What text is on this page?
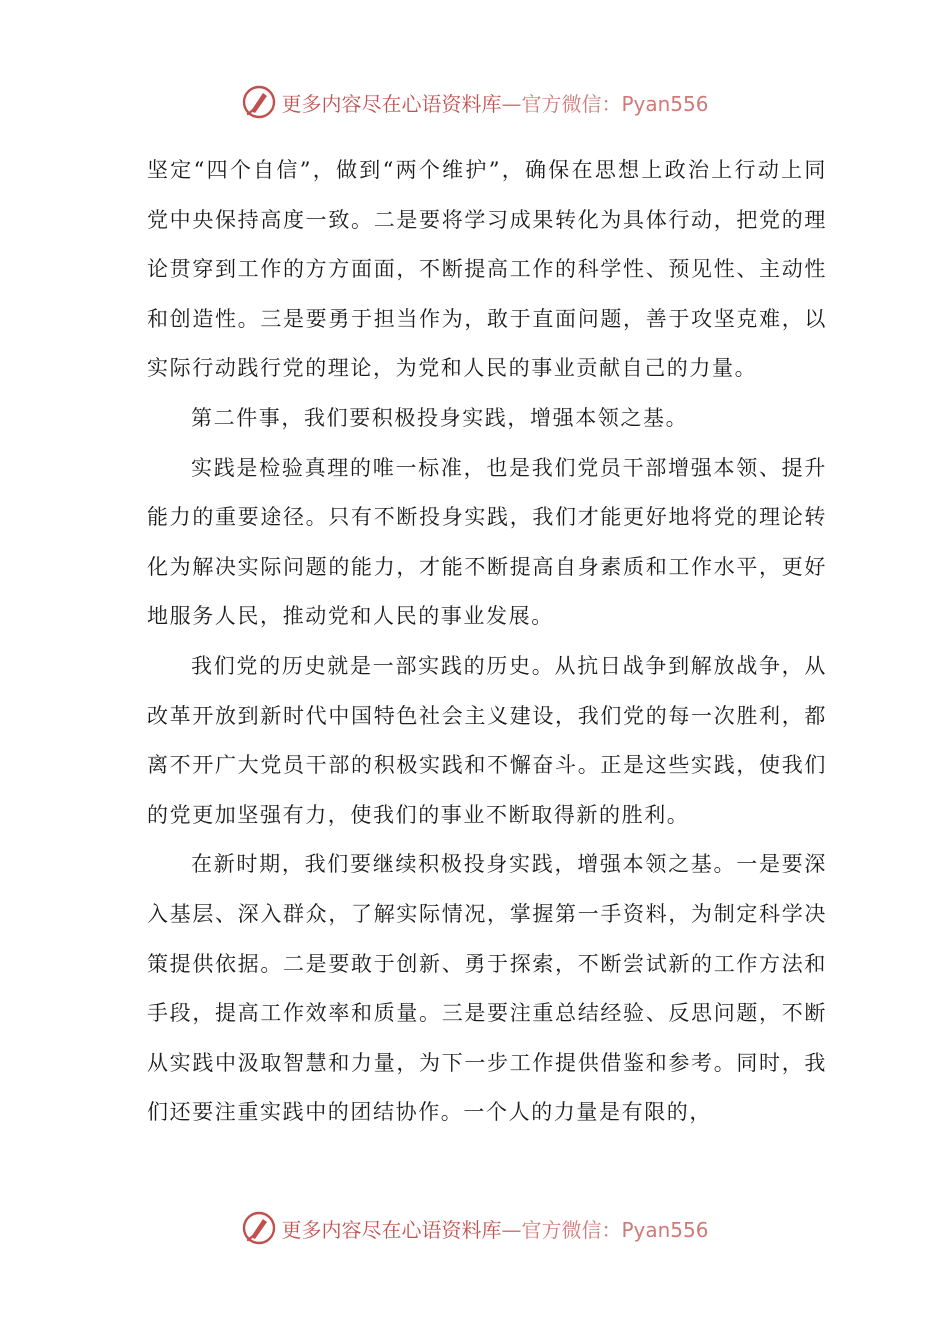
更多内容尽在心语资料库—官方微信：Pyan556

坚定“四个自信”，做到“两个维护”，确保在思想上政治上行动上同党中央保持高度一致。二是要将学习成果转化为具体行动，把党的理论贯穿到工作的方方面面，不断提高工作的科学性、预见性、主动性和创造性。三是要勇于担当作为，敢于直面问题，善于攻坚克难，以实际行动践行党的理论，为党和人民的事业贡献自己的力量。

第二件事，我们要积极投身实践，增强本领之基。

实践是检验真理的唯一标准，也是我们党员干部增强本领、提升能力的重要途径。只有不断投身实践，我们才能更好地将党的理论转化为解决实际问题的能力，才能不断提高自身素质和工作水平，更好地服务人民，推动党和人民的事业发展。

我们党的历史就是一部实践的历史。从抗日战争到解放战争，从改革开放到新时代中国特色社会主义建设，我们党的每一次胜利，都离不开广大党员干部的积极实践和不懈奋斗。正是这些实践，使我们的党更加坚强有力，使我们的事业不断取得新的胜利。

在新时期，我们要继续积极投身实践，增强本领之基。一是要深入基层、深入群众，了解实际情况，掌握第一手资料，为制定科学决策提供依据。二是要敢于创新、勇于探索，不断尝试新的工作方法和手段，提高工作效率和质量。三是要注重总结经验、反思问题，不断从实践中汲取智慧和力量，为下一步工作提供借鉴和参考。同时，我们还要注重实践中的团结协作。一个人的力量是有限的，

更多内容尽在心语资料库—官方微信：Pyan556
